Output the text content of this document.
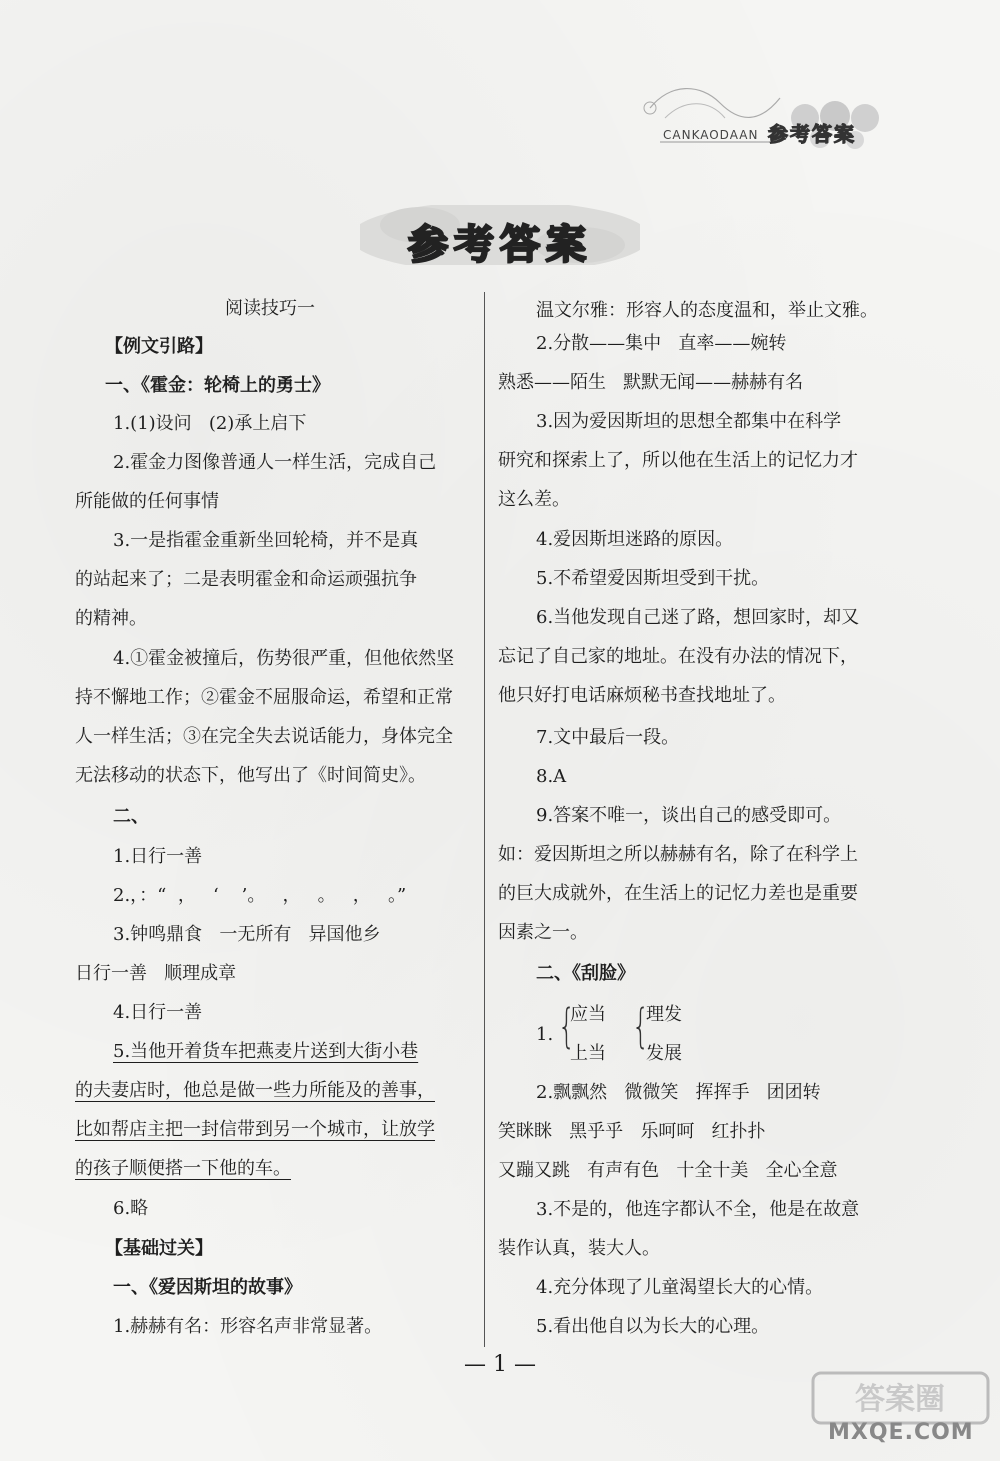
CANKAODAAN 参考答案
参考答案
阅读技巧一
【例文引路】
一、《霍金：轮椅上的勇士》
1.(1)设问   (2)承上启下
2.霍金力图像普通人一样生活，完成自己
所能做的任何事情
3.一是指霍金重新坐回轮椅，并不是真
的站起来了；二是表明霍金和命运顽强抗争
的精神。
4.①霍金被撞后，伤势很严重，但他依然坚
持不懈地工作；②霍金不屈服命运，希望和正常
人一样生活；③在完全失去说话能力，身体完全
无法移动的状态下，他写出了《时间简史》。
二、
1.日行一善
2.，：“  ，   ‘    ’。   ，   。   ，   。”
3.钟鸣鼎食   一无所有   异国他乡
日行一善   顺理成章
4.日行一善
5.当他开着货车把燕麦片送到大街小巷
的夫妻店时，他总是做一些力所能及的善事，
比如帮店主把一封信带到另一个城市，让放学
的孩子顺便搭一下他的车。
6.略
【基础过关】
一、《爱因斯坦的故事》
1.赫赫有名：形容名声非常显著。
温文尔雅：形容人的态度温和，举止文雅。
2.分散——集中   直率——婉转
熟悉——陌生   默默无闻——赫赫有名
3.因为爱因斯坦的思想全都集中在科学
研究和探索上了，所以他在生活上的记忆力才
这么差。
4.爱因斯坦迷路的原因。
5.不希望爱因斯坦受到干扰。
6.当他发现自己迷了路，想回家时，却又
忘记了自己家的地址。在没有办法的情况下，
他只好打电话麻烦秘书查找地址了。
7.文中最后一段。
8.A
9.答案不唯一，谈出自己的感受即可。
如：爱因斯坦之所以赫赫有名，除了在科学上
的巨大成就外，在生活上的记忆力差也是重要
因素之一。
二、《刮脸》
1. {
应当
上当
{
理发
发展
2.飘飘然   微微笑   挥挥手   团团转
笑眯眯   黑乎乎   乐呵呵   红扑扑
又蹦又跳   有声有色   十全十美   全心全意
3.不是的，他连字都认不全，他是在故意
装作认真，装大人。
4.充分体现了儿童渴望长大的心情。
5.看出他自以为长大的心理。
— 1 —
答案圈
MXQE.COM
